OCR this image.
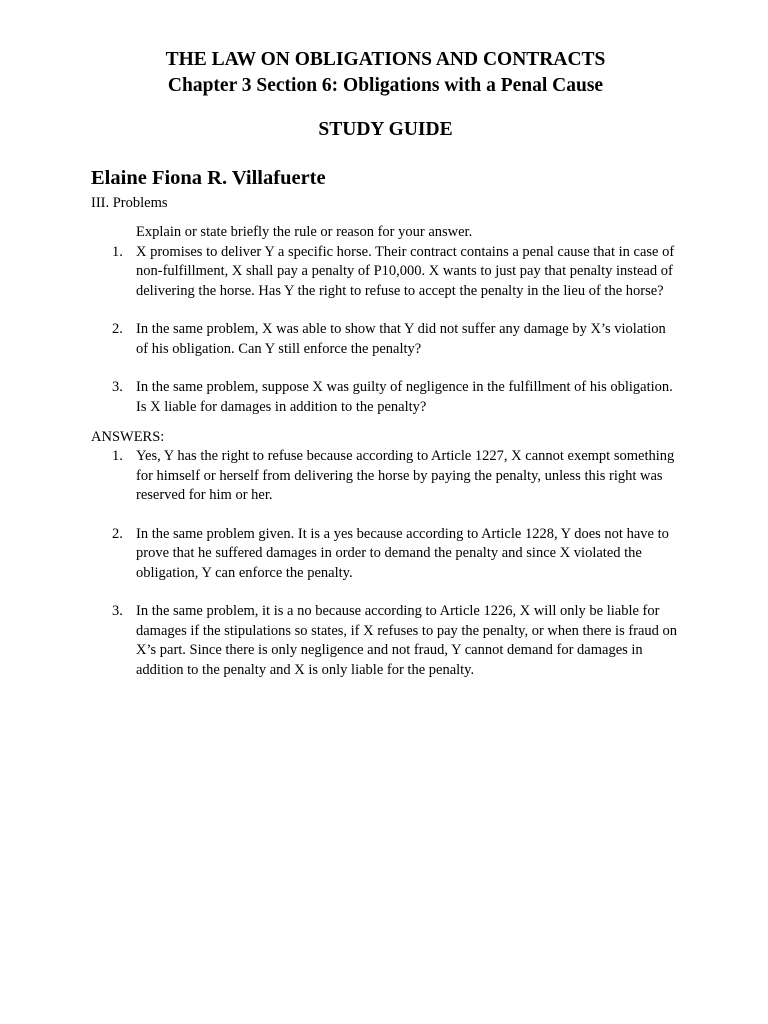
THE LAW ON OBLIGATIONS AND CONTRACTS
Chapter 3 Section 6: Obligations with a Penal Cause
STUDY GUIDE
Elaine Fiona R. Villafuerte
III. Problems
Explain or state briefly the rule or reason for your answer.
1. X promises to deliver Y a specific horse. Their contract contains a penal cause that in case of non-fulfillment, X shall pay a penalty of P10,000. X wants to just pay that penalty instead of delivering the horse. Has Y the right to refuse to accept the penalty in the lieu of the horse?
2. In the same problem, X was able to show that Y did not suffer any damage by X’s violation of his obligation. Can Y still enforce the penalty?
3. In the same problem, suppose X was guilty of negligence in the fulfillment of his obligation. Is X liable for damages in addition to the penalty?
ANSWERS:
1. Yes, Y has the right to refuse because according to Article 1227, X cannot exempt something for himself or herself from delivering the horse by paying the penalty, unless this right was reserved for him or her.
2. In the same problem given. It is a yes because according to Article 1228, Y does not have to prove that he suffered damages in order to demand the penalty and since X violated the obligation, Y can enforce the penalty.
3. In the same problem, it is a no because according to Article 1226, X will only be liable for damages if the stipulations so states, if X refuses to pay the penalty, or when there is fraud on X’s part. Since there is only negligence and not fraud, Y cannot demand for damages in addition to the penalty and X is only liable for the penalty.
